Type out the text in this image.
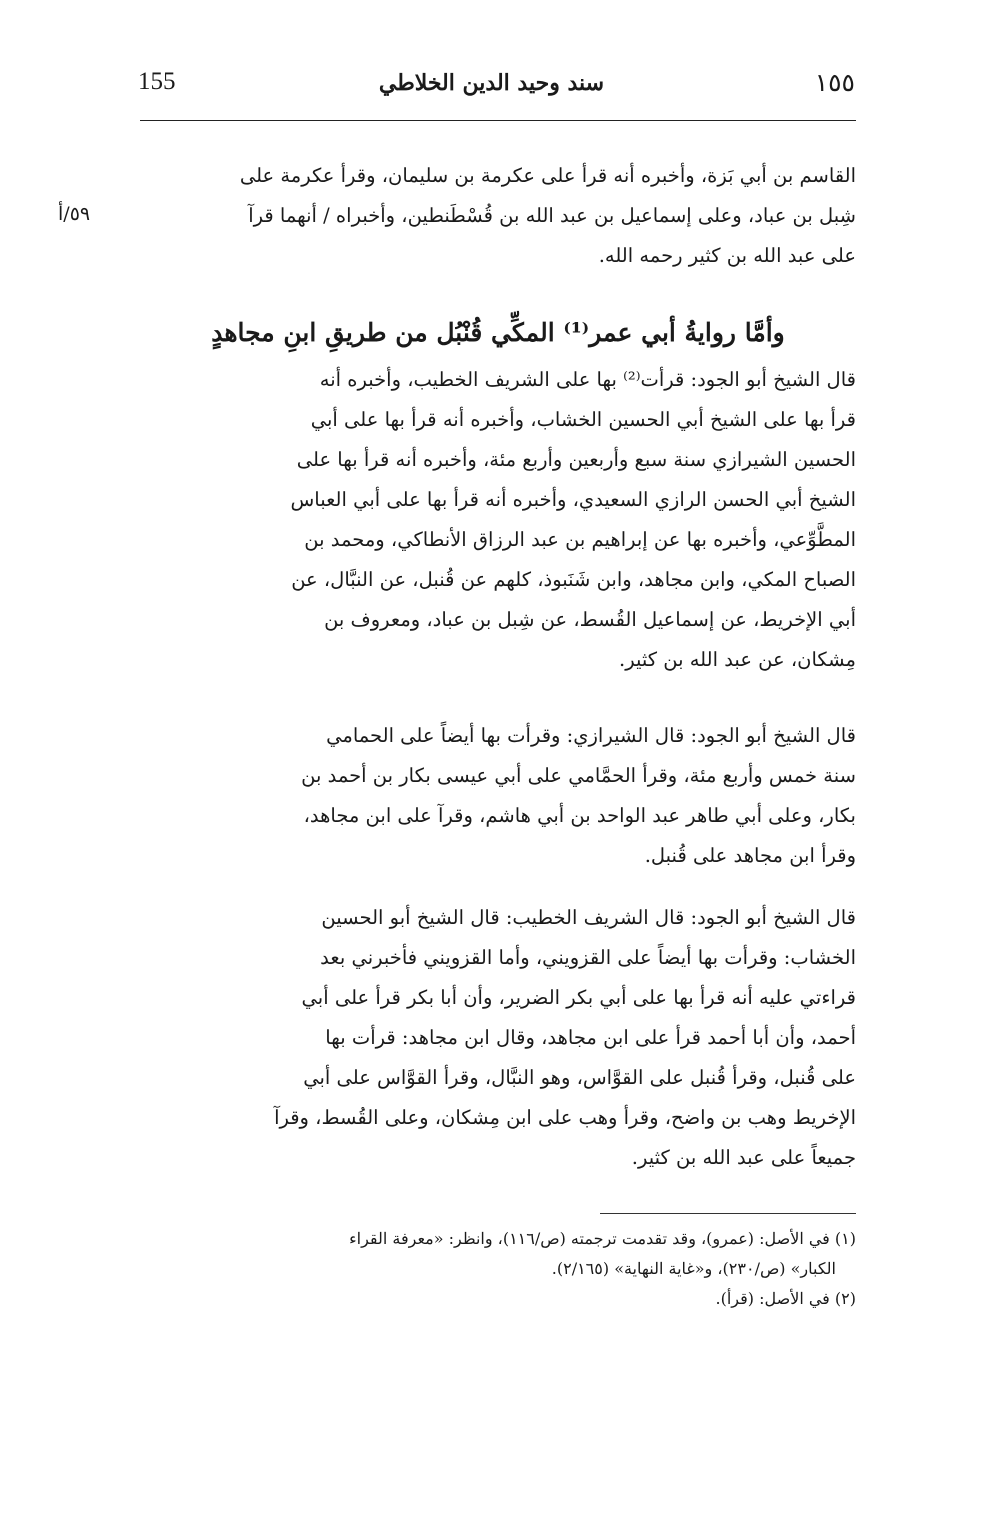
155	سند وحيد الدين الخلاطي	١٥٥
٥٩/أ
القاسم بن أبي بَزة، وأخبره أنه قرأ على عكرمة بن سليمان، وقرأ عكرمة على
شِبل بن عباد، وعلى إسماعيل بن عبد الله بن قُسْطَنطين، وأخبراه / أنهما قرآ
على عبد الله بن كثير رحمه الله.
وأمَّا روايةُ أبي عمر⁽¹⁾ المكِّي قُنْبُل من طريقِ ابنِ مجاهدٍ
قال الشيخ أبو الجود: قرأت⁽²⁾ بها على الشريف الخطيب، وأخبره أنه
قرأ بها على الشيخ أبي الحسين الخشاب، وأخبره أنه قرأ بها على أبي
الحسين الشيرازي سنة سبع وأربعين وأربع مئة، وأخبره أنه قرأ بها على
الشيخ أبي الحسن الرازي السعيدي، وأخبره أنه قرأ بها على أبي العباس
المطَّوِّعي، وأخبره بها عن إبراهيم بن عبد الرزاق الأنطاكي، ومحمد بن
الصباح المكي، وابن مجاهد، وابن شَنَبوذ، كلهم عن قُنبل، عن النبَّال، عن
أبي الإخريط، عن إسماعيل القُسط، عن شِبل بن عباد، ومعروف بن
مِشكان، عن عبد الله بن كثير.
قال الشيخ أبو الجود: قال الشيرازي: وقرأت بها أيضاً على الحمامي
سنة خمس وأربع مئة، وقرأ الحمَّامي على أبي عيسى بكار بن أحمد بن
بكار، وعلى أبي طاهر عبد الواحد بن أبي هاشم، وقرآ على ابن مجاهد،
وقرأ ابن مجاهد على قُنبل.
قال الشيخ أبو الجود: قال الشريف الخطيب: قال الشيخ أبو الحسين
الخشاب: وقرأت بها أيضاً على القزويني، وأما القزويني فأخبرني بعد
قراءتي عليه أنه قرأ بها على أبي بكر الضرير، وأن أبا بكر قرأ على أبي
أحمد، وأن أبا أحمد قرأ على ابن مجاهد، وقال ابن مجاهد: قرأت بها
على قُنبل، وقرأ قُنبل على القوَّاس، وهو النبَّال، وقرأ القوَّاس على أبي
الإخريط وهب بن واضح، وقرأ وهب على ابن مِشكان، وعلى القُسط، وقرآ
جميعاً على عبد الله بن كثير.
(١) في الأصل: (عمرو)، وقد تقدمت ترجمته (ص/١١٦)، وانظر: «معرفة القراء
الكبار» (ص/٢٣٠)، و«غاية النهاية» (٢/١٦٥).
(٢) في الأصل: (قرأ).
